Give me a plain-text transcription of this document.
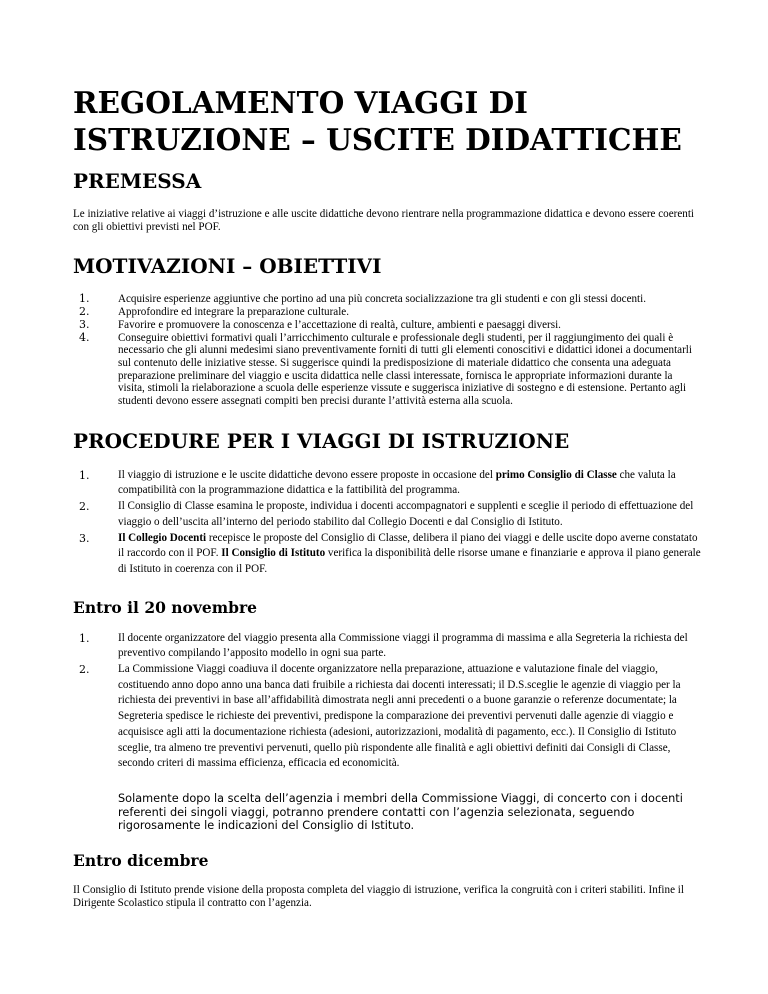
REGOLAMENTO VIAGGI DI
ISTRUZIONE – USCITE DIDATTICHE
PREMESSA

Le iniziative relative ai viaggi d’istruzione e alle uscite didattiche devono rientrare nella programmazione didattica e devono essere coerenti con gli obiettivi previsti nel POF.

MOTIVAZIONI – OBIETTIVI
1.	Acquisire esperienze aggiuntive che portino ad una più concreta socializzazione tra gli studenti e con gli stessi docenti.
2.	Approfondire ed integrare la preparazione culturale.
3.	Favorire e promuovere la conoscenza e l’accettazione di realtà, culture, ambienti e paesaggi diversi.
4.	Conseguire obiettivi formativi quali l’arricchimento culturale e professionale degli studenti, per il raggiungimento dei quali è necessario che gli alunni medesimi siano preventivamente forniti di tutti gli elementi conoscitivi e didattici idonei a documentarli sul contenuto delle iniziative stesse. Si suggerisce quindi la predisposizione di materiale didattico che consenta una adeguata preparazione preliminare del viaggio e uscita didattica nelle classi interessate, fornisca le appropriate informazioni durante la visita, stimoli la rielaborazione a scuola delle esperienze vissute e suggerisca iniziative di sostegno e di estensione. Pertanto agli studenti devono essere assegnati compiti ben precisi durante l’attività esterna alla scuola.
PROCEDURE PER I VIAGGI DI ISTRUZIONE
1.	Il viaggio di istruzione e le uscite didattiche devono essere proposte in occasione del primo Consiglio di Classe che valuta la compatibilità con la programmazione didattica e la fattibilità del programma.
2.	Il Consiglio di Classe esamina le proposte, individua i docenti accompagnatori e supplenti e sceglie il periodo di effettuazione del viaggio o dell’uscita all’interno del periodo stabilito dal Collegio Docenti e dal Consiglio di Istituto.
3.	Il Collegio Docenti recepisce le proposte del Consiglio di Classe, delibera il piano dei viaggi e delle uscite dopo averne constatato il raccordo con il POF. Il Consiglio di Istituto verifica la disponibilità delle risorse umane e finanziarie e approva il piano generale di Istituto in coerenza con il POF.
Entro il 20 novembre
1.	Il docente organizzatore del viaggio presenta alla Commissione viaggi il programma di massima e alla Segreteria la richiesta del preventivo compilando l’apposito modello in ogni sua parte.
2.	La Commissione Viaggi coadiuva il docente organizzatore nella preparazione, attuazione e valutazione finale del viaggio, costituendo anno dopo anno una banca dati fruibile a richiesta dai docenti interessati; il D.S.sceglie le agenzie di viaggio per la richiesta dei preventivi in base all’affidabilità dimostrata negli anni precedenti o a buone garanzie o referenze documentate; la Segreteria spedisce le richieste dei preventivi, predispone la comparazione dei preventivi pervenuti dalle agenzie di viaggio e acquisisce agli atti la documentazione richiesta (adesioni, autorizzazioni, modalità di pagamento, ecc.). Il Consiglio di Istituto sceglie, tra almeno tre preventivi pervenuti, quello più rispondente alle finalità e agli obiettivi definiti dai Consigli di Classe, secondo criteri di massima efficienza, efficacia ed economicità.

Solamente dopo la scelta dell’agenzia i membri della Commissione Viaggi, di concerto con i docenti referenti dei singoli viaggi, potranno prendere contatti con l’agenzia selezionata, seguendo rigorosamente le indicazioni del Consiglio di Istituto.

Entro dicembre

Il Consiglio di Istituto prende visione della proposta completa del viaggio di istruzione, verifica la congruità con i criteri stabiliti. Infine il Dirigente Scolastico stipula il contratto con l’agenzia.
